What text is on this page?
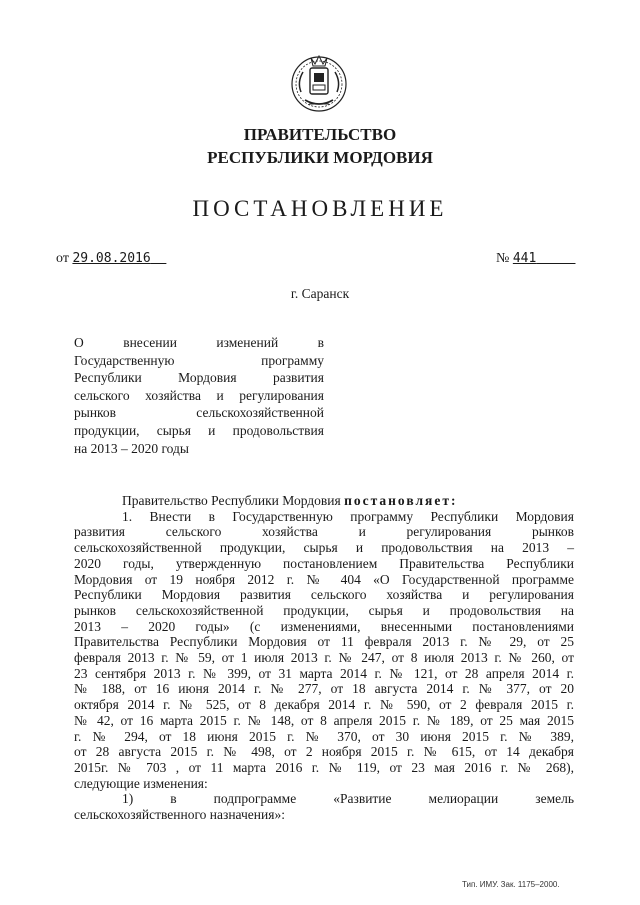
ПРАВИТЕЛЬСТВО
РЕСПУБЛИКИ МОРДОВИЯ
ПОСТАНОВЛЕНИЕ
от 29.08.2016	№ 441
г. Саранск
О внесении изменений в
Государственную программу
Республики Мордовия развития
сельского хозяйства и регулирования
рынков сельскохозяйственной
продукции, сырья и продовольствия
на 2013 – 2020 годы
Правительство Республики Мордовия постановляет:
1. Внести в Государственную программу Республики Мордовия
развития сельского хозяйства и регулирования рынков
сельскохозяйственной продукции, сырья и продовольствия на 2013 –
2020 годы, утвержденную постановлением Правительства Республики
Мордовия от 19 ноября 2012 г. № 404 «О Государственной программе
Республики Мордовия развития сельского хозяйства и регулирования
рынков сельскохозяйственной продукции, сырья и продовольствия на
2013 – 2020 годы» (с изменениями, внесенными постановлениями
Правительства Республики Мордовия от 11 февраля 2013 г. № 29, от 25
февраля 2013 г. № 59, от 1 июля 2013 г. № 247, от 8 июля 2013 г. № 260, от
23 сентября 2013 г. № 399, от 31 марта 2014 г. № 121, от 28 апреля 2014 г.
№ 188, от 16 июня 2014 г. № 277, от 18 августа 2014 г. № 377, от 20
октября 2014 г. № 525, от 8 декабря 2014 г. № 590, от 2 февраля 2015 г.
№ 42, от 16 марта 2015 г. № 148, от 8 апреля 2015 г. № 189, от 25 мая 2015
г. № 294, от 18 июня 2015 г. № 370, от 30 июня 2015 г. № 389,
от 28 августа 2015 г. № 498, от 2 ноября 2015 г. № 615, от 14 декабря
2015г. № 703 , от 11 марта 2016 г. № 119, от 23 мая 2016 г. № 268),
следующие изменения:
1) в подпрограмме «Развитие мелиорации земель
сельскохозяйственного назначения»:
Тип. ИМУ. Зак. 1175–2000.
